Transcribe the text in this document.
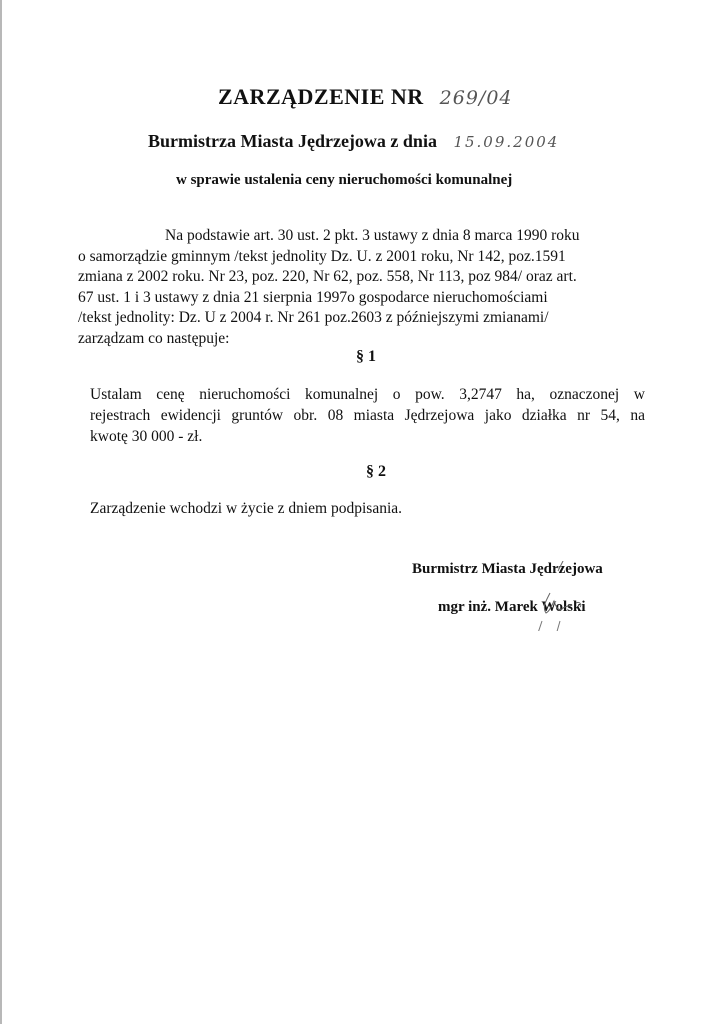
ZARZĄDZENIE NR 269/04
Burmistrza Miasta Jędrzejowa z dnia 15.09.2004
w sprawie ustalenia ceny nieruchomości komunalnej
Na podstawie art. 30 ust. 2 pkt. 3 ustawy z dnia 8 marca 1990 roku
o samorządzie gminnym /tekst jednolity Dz. U. z 2001 roku, Nr 142, poz.1591
zmiana z 2002 roku. Nr 23, poz. 220, Nr 62, poz. 558, Nr 113, poz 984/ oraz art.
67 ust. 1 i 3 ustawy z dnia 21 sierpnia 1997o gospodarce nieruchomościami
/tekst jednolity: Dz. U z 2004 r. Nr 261 poz.2603 z późniejszymi zmianami/
zarządzam co następuje:
§ 1
Ustalam cenę nieruchomości komunalnej o pow. 3,2747 ha, oznaczonej w
rejestrach ewidencji gruntów obr. 08 miasta Jędrzejowa jako działka nr 54, na
kwotę 30 000 - zł.
§ 2
Zarządzenie wchodzi w życie z dniem podpisania.
Burmistrz Miasta Jędrzejowa
mgr inż. Marek Wolski
